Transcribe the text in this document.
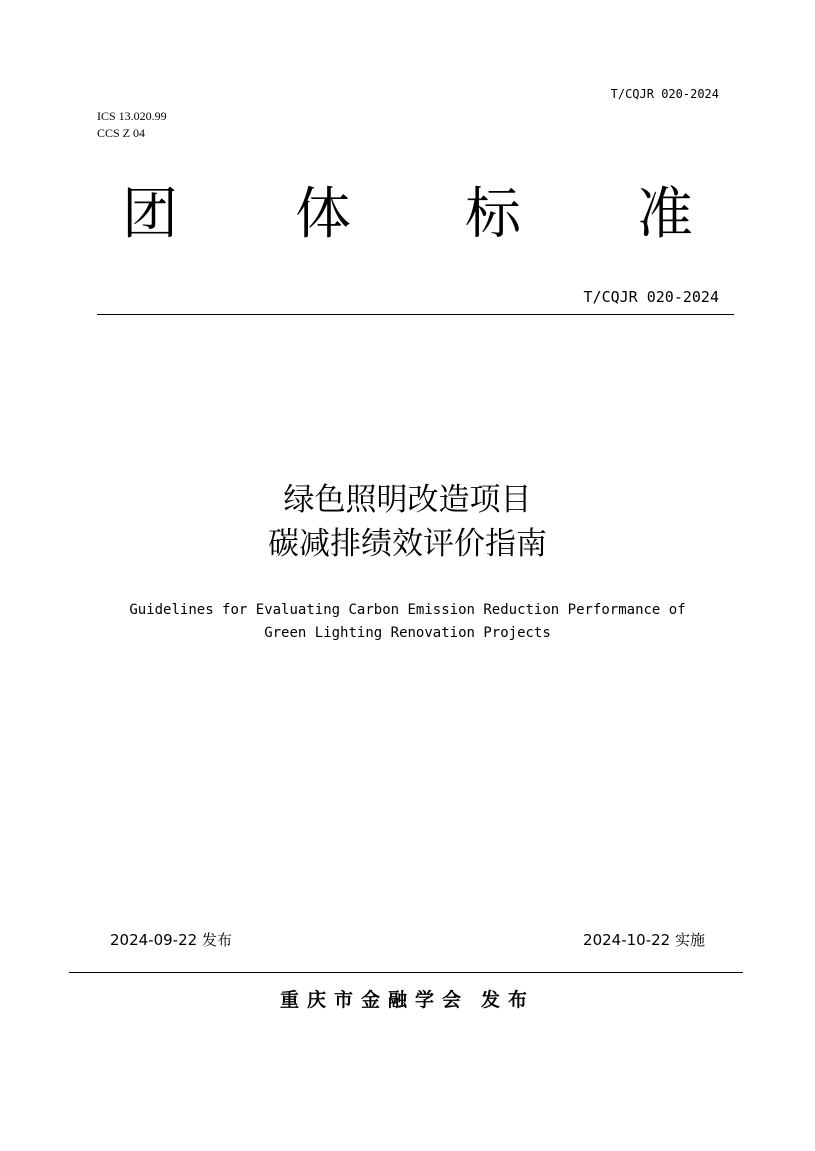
T/CQJR 020-2024
ICS 13.020.99
CCS Z 04
团 体 标 准
T/CQJR 020-2024
绿色照明改造项目
碳减排绩效评价指南
Guidelines for Evaluating Carbon Emission Reduction Performance of
Green Lighting Renovation Projects
2024-09-22 发布	2024-10-22 实施
重庆市金融学会 发布
